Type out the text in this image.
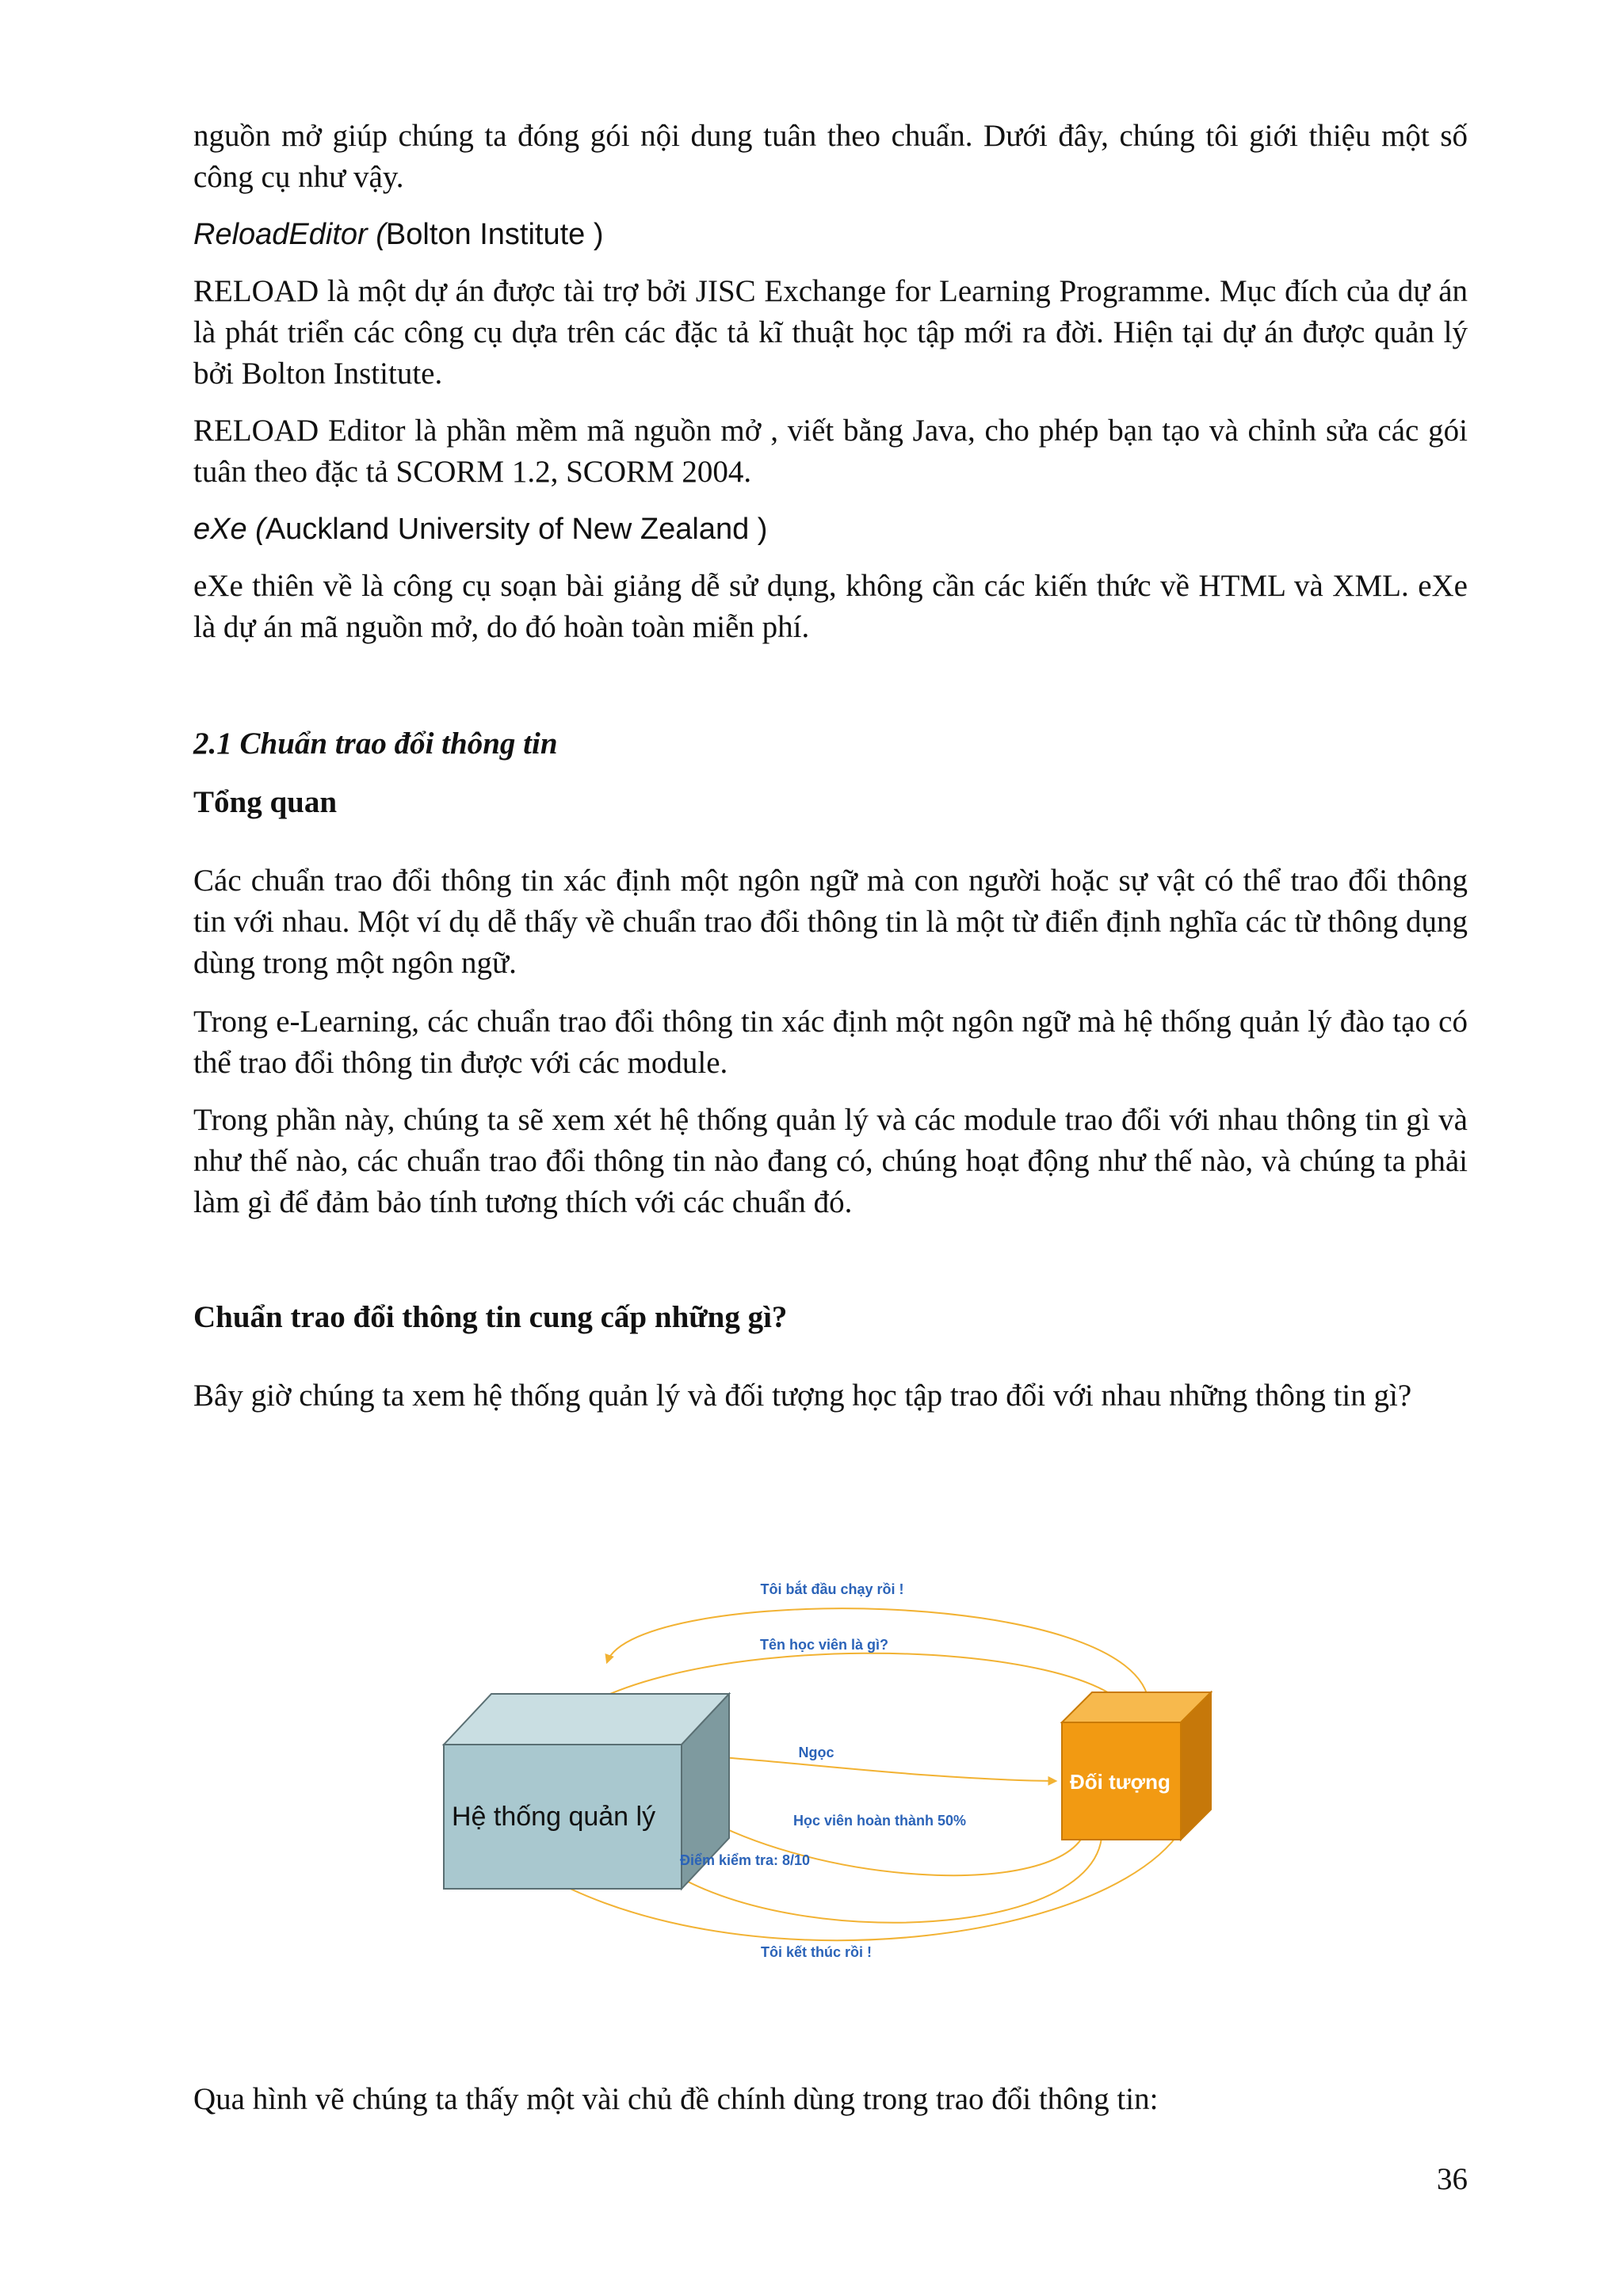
nguồn mở giúp chúng ta đóng gói nội dung tuân theo chuẩn. Dưới đây, chúng tôi giới thiệu một số công cụ như vậy.

ReloadEditor (Bolton Institute )

RELOAD là một dự án được tài trợ bởi JISC Exchange for Learning Programme. Mục đích của dự án là phát triển các công cụ dựa trên các đặc tả kĩ thuật học tập mới ra đời. Hiện tại dự án được quản lý bởi Bolton Institute.

RELOAD Editor là phần mềm mã nguồn mở , viết bằng Java, cho phép bạn tạo và chỉnh sửa các gói tuân theo đặc tả SCORM 1.2, SCORM 2004.

eXe (Auckland University of New Zealand )

eXe thiên về là công cụ soạn bài giảng dễ sử dụng, không cần các kiến thức về HTML và XML. eXe là dự án mã nguồn mở, do đó hoàn toàn miễn phí.

2.1 Chuẩn trao đổi thông tin

Tổng quan

Các chuẩn trao đổi thông tin xác định một ngôn ngữ mà con người hoặc sự vật có thể trao đổi thông tin với nhau. Một ví dụ dễ thấy về chuẩn trao đổi thông tin là một từ điển định nghĩa các từ thông dụng dùng trong một ngôn ngữ.

Trong e-Learning, các chuẩn trao đổi thông tin xác định một ngôn ngữ mà hệ thống quản lý đào tạo có thể trao đổi thông tin được với các module.

Trong phần này, chúng ta sẽ xem xét hệ thống quản lý và các module trao đổi với nhau thông tin gì và như thế nào, các chuẩn trao đổi thông tin nào đang có, chúng hoạt động như thế nào, và chúng ta phải làm gì để đảm bảo tính tương thích với các chuẩn đó.

Chuẩn trao đổi thông tin cung cấp những gì?

Bây giờ chúng ta xem hệ thống quản lý và đối tượng học tập trao đổi với nhau những thông tin gì?

Hệ thống quản lý
Đối tượng
Tôi bắt đầu chạy rồi !
Tên học viên là gì?
Ngọc
Học viên hoàn thành 50%
Điểm kiểm tra: 8/10
Tôi kết thúc rồi !

Qua hình vẽ chúng ta thấy một vài chủ đề chính dùng trong trao đổi thông tin:

36
